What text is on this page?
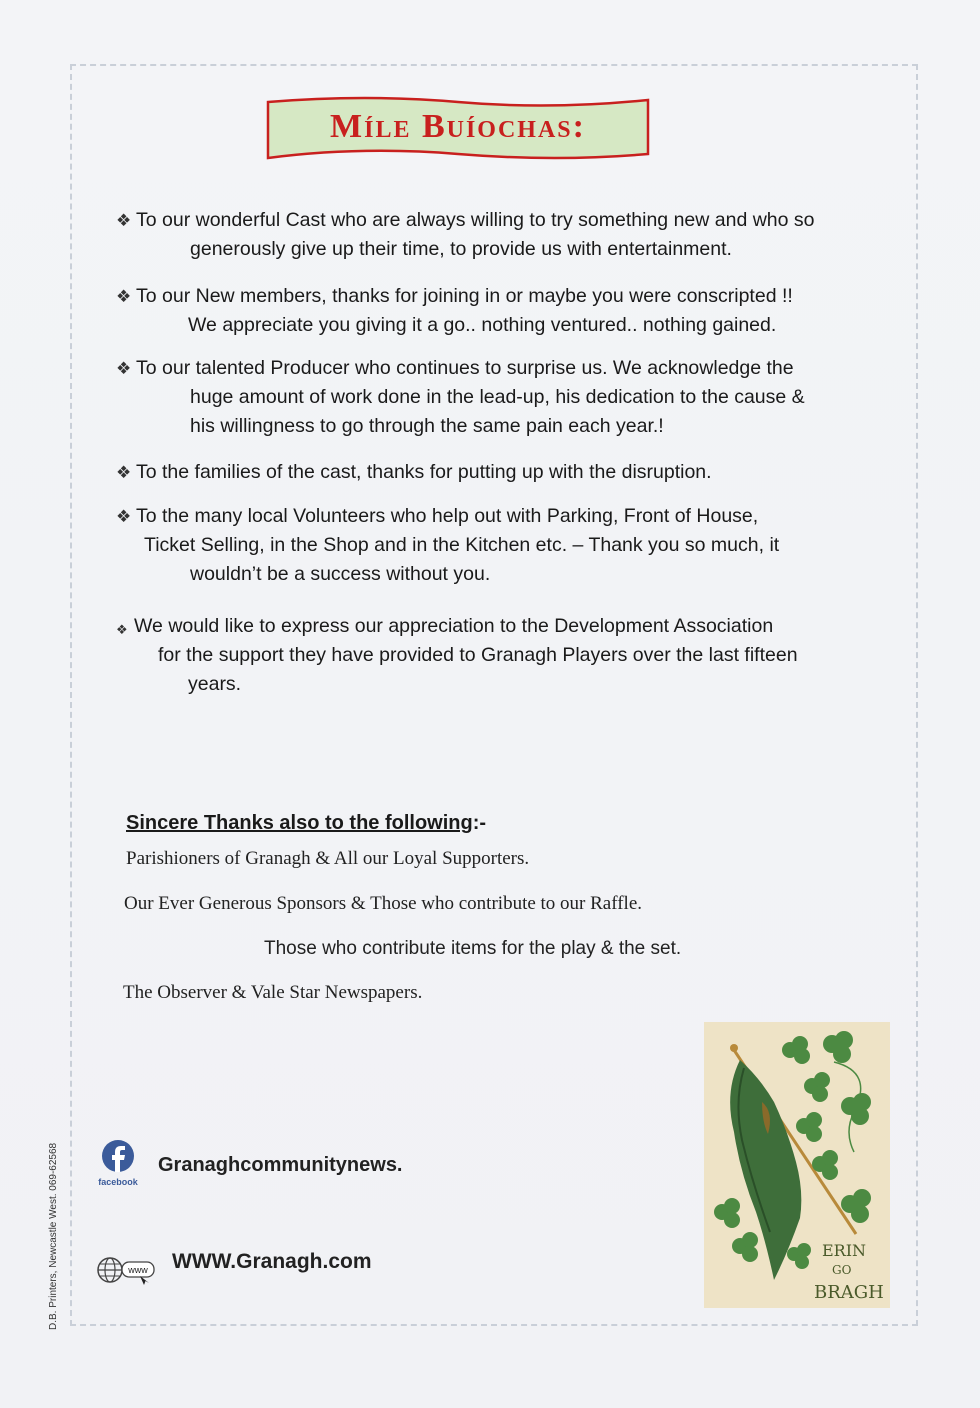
Míle Buíochas:
❖ To our wonderful Cast who are always willing to try something new and who so
generously give up their time, to provide us with entertainment.
❖ To our New members, thanks for joining in or maybe you were conscripted !!
We appreciate you giving it a go.. nothing ventured.. nothing gained.
❖ To our talented Producer who continues to surprise us. We acknowledge the
huge amount of work done in the lead-up, his dedication to the cause &
his willingness to go through the same pain each year.!
❖ To the families of the cast, thanks for putting up with the disruption.
❖ To the many local Volunteers who help out with Parking, Front of House,
Ticket Selling, in the Shop and in the Kitchen etc. – Thank you so much, it
wouldn’t be a success without you.
❖ We would like to express our appreciation to the Development Association
for the support they have provided to Granagh Players over the last fifteen
years.
Sincere Thanks also to the following:-
Parishioners of Granagh & All our Loyal Supporters.
Our Ever Generous Sponsors & Those who contribute to our Raffle.
Those who contribute items for the play & the set.
The Observer & Vale Star Newspapers.
facebook
Granaghcommunitynews.
www WWW.Granagh.com	ERIN
GO
BRAGH
D.B. Printers, Newcastle West. 069-62568
